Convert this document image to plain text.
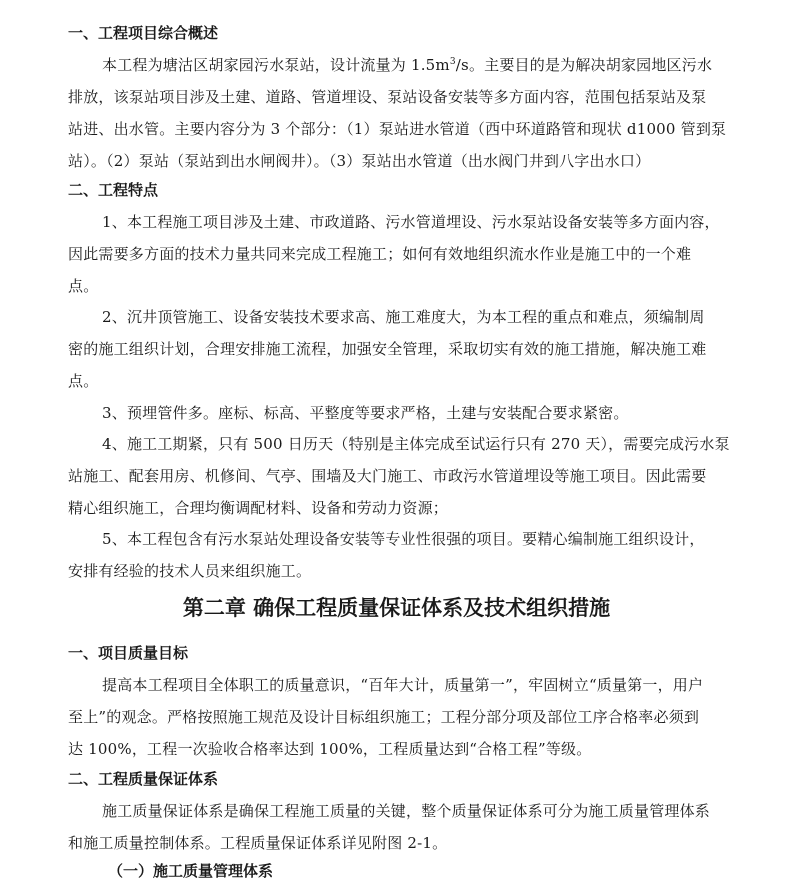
一、工程项目综合概述
本工程为塘沽区胡家园污水泵站，设计流量为 $1.5m^3/s$。主要目的是为解决胡家园地区污水
排放，该泵站项目涉及土建、道路、管道埋设、泵站设备安装等多方面内容，范围包括泵站及泵
站进、出水管。主要内容分为 3 个部分：（1）泵站进水管道（西中环道路管和现状 d1000 管到泵
站）。（2）泵站（泵站到出水闸阀井）。（3）泵站出水管道（出水阀门井到八字出水口）
二、工程特点
1、本工程施工项目涉及土建、市政道路、污水管道埋设、污水泵站设备安装等多方面内容，
因此需要多方面的技术力量共同来完成工程施工；如何有效地组织流水作业是施工中的一个难
点。
2、沉井顶管施工、设备安装技术要求高、施工难度大，为本工程的重点和难点，须编制周
密的施工组织计划，合理安排施工流程，加强安全管理，采取切实有效的施工措施，解决施工难
点。
3、预埋管件多。座标、标高、平整度等要求严格，土建与安装配合要求紧密。
4、施工工期紧，只有 500 日历天（特别是主体完成至试运行只有 270 天），需要完成污水泵
站施工、配套用房、机修间、气亭、围墙及大门施工、市政污水管道埋设等施工项目。因此需要
精心组织施工，合理均衡调配材料、设备和劳动力资源；
5、本工程包含有污水泵站处理设备安装等专业性很强的项目。要精心编制施工组织设计，
安排有经验的技术人员来组织施工。
第二章 确保工程质量保证体系及技术组织措施
一、项目质量目标
提高本工程项目全体职工的质量意识，“百年大计，质量第一”，牢固树立“质量第一，用户
至上”的观念。严格按照施工规范及设计目标组织施工；工程分部分项及部位工序合格率必须到
达 100%，工程一次验收合格率达到 100%，工程质量达到“合格工程”等级。
二、工程质量保证体系
施工质量保证体系是确保工程施工质量的关键，整个质量保证体系可分为施工质量管理体系
和施工质量控制体系。工程质量保证体系详见附图 2-1。
（一）施工质量管理体系
